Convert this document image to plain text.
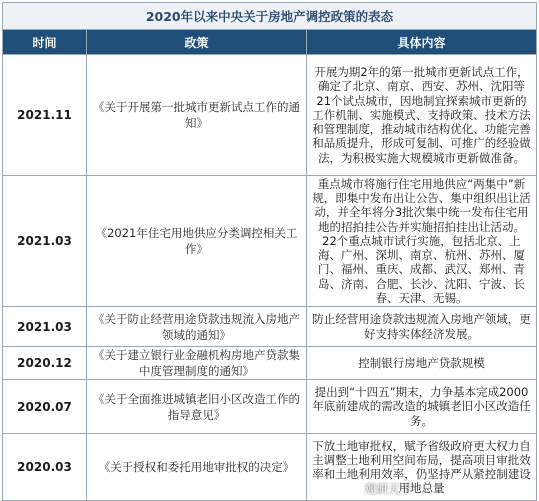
2020年以来中央关于房地产调控政策的表态		
时间	政策	具体内容
2021.11	《关于开展第一批城市更新试点工作的通知》	开展为期2年的第一批城市更新试点工作，确定了北京、南京、西安、苏州、沈阳等21个试点城市，因地制宜探索城市更新的工作机制、实施模式、支持政策、技术方法和管理制度，推动城市结构优化、功能完善和品质提升，形成可复制、可推广的经验做法，为积极实施大规模城市更新做准备。
2021.03	《2021年住宅用地供应分类调控相关工作》	重点城市将施行住宅用地供应“两集中”新规，即集中发布出让公告、集中组织出让活动，并全年将分3批次集中统一发布住宅用地的招拍挂公告并实施招拍挂出让活动。22个重点城市试行实施，包括北京、上海、广州、深圳、南京、杭州、苏州、厦门、福州、重庆、成都、武汉、郑州、青岛、济南、合肥、长沙、沈阳、宁波、长春、天津、无锡。
2021.03	《关于防止经营用途贷款违规流入房地产领域的通知》	防止经营用途贷款违规流入房地产领域，更好支持实体经济发展。
2020.12	《关于建立银行业金融机构房地产贷款集中度管理制度的通知》	控制银行房地产贷款规模
2020.07	《关于全面推进城镇老旧小区改造工作的指导意见》	提出到“十四五”期末，力争基本完成2000年底前建成的需改造的城镇老旧小区改造任务。
2020.03	《关于授权和委托用地审批权的决定》	下放土地审批权，赋予省级政府更大权力自主调整土地利用空间布局，提高项目审批效率和土地利用效率，仍坚持严从紧控制建设用地总量
观研天下
